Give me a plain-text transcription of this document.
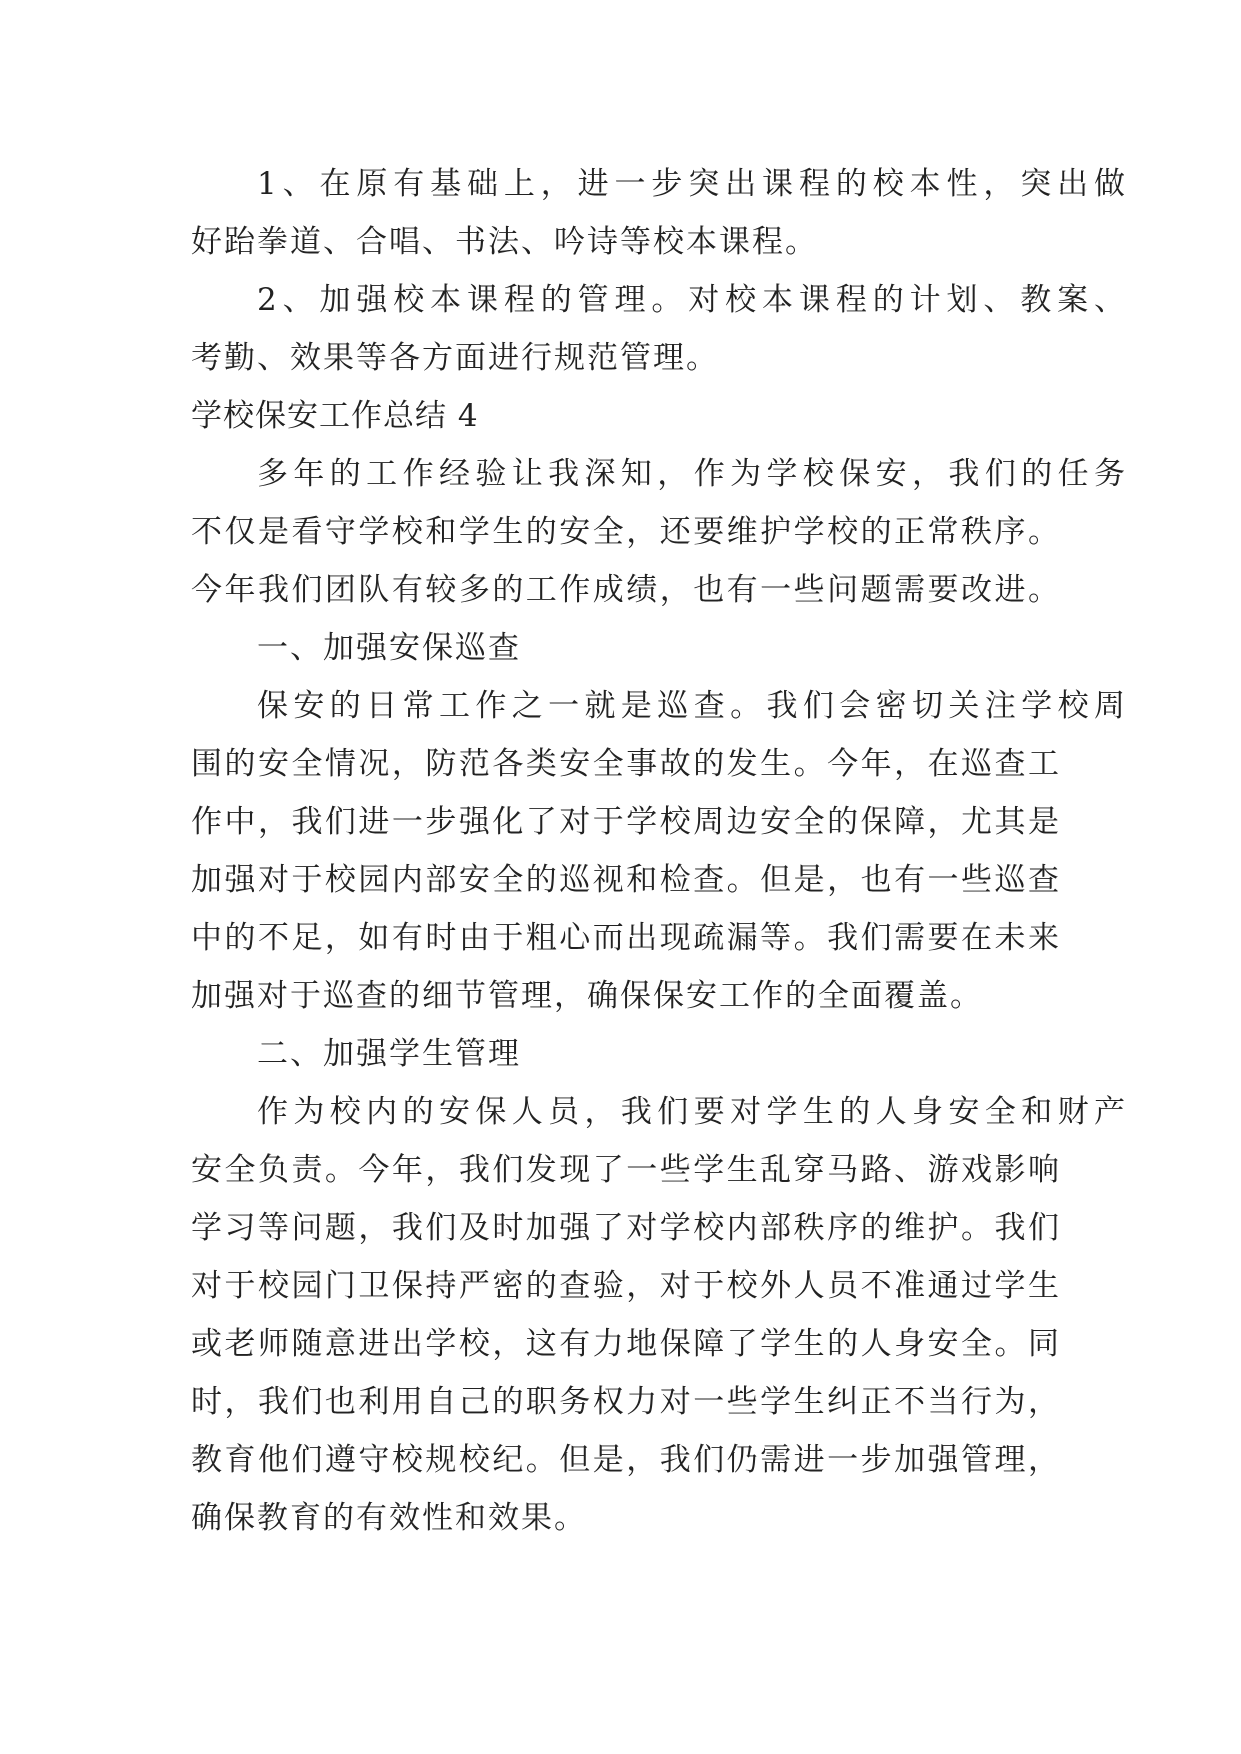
1、在原有基础上，进一步突出课程的校本性，突出做
好跆拳道、合唱、书法、吟诗等校本课程。
2、加强校本课程的管理。对校本课程的计划、教案、
考勤、效果等各方面进行规范管理。
学校保安工作总结 4
多年的工作经验让我深知，作为学校保安，我们的任务
不仅是看守学校和学生的安全，还要维护学校的正常秩序。
今年我们团队有较多的工作成绩，也有一些问题需要改进。
一、加强安保巡查
保安的日常工作之一就是巡查。我们会密切关注学校周
围的安全情况，防范各类安全事故的发生。今年，在巡查工
作中，我们进一步强化了对于学校周边安全的保障，尤其是
加强对于校园内部安全的巡视和检查。但是，也有一些巡查
中的不足，如有时由于粗心而出现疏漏等。我们需要在未来
加强对于巡查的细节管理，确保保安工作的全面覆盖。
二、加强学生管理
作为校内的安保人员，我们要对学生的人身安全和财产
安全负责。今年，我们发现了一些学生乱穿马路、游戏影响
学习等问题，我们及时加强了对学校内部秩序的维护。我们
对于校园门卫保持严密的查验，对于校外人员不准通过学生
或老师随意进出学校，这有力地保障了学生的人身安全。同
时，我们也利用自己的职务权力对一些学生纠正不当行为，
教育他们遵守校规校纪。但是，我们仍需进一步加强管理，
确保教育的有效性和效果。
